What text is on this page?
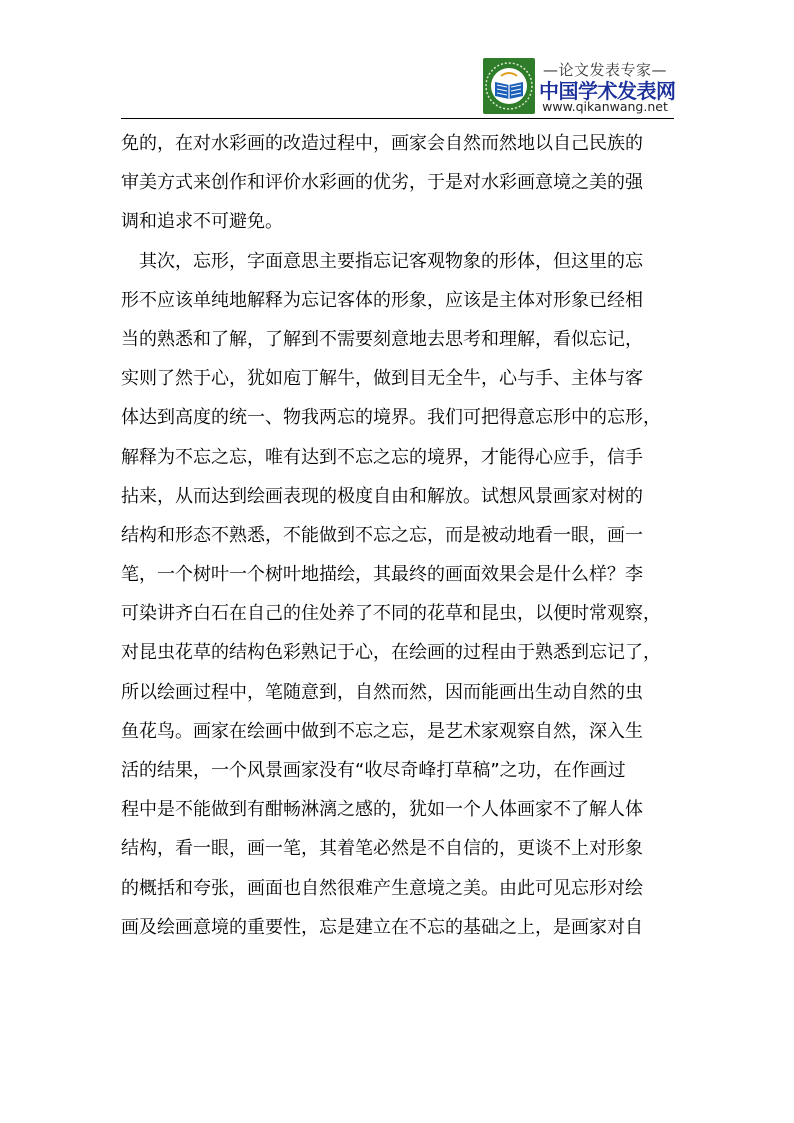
—论文发表专家—
中国学术发表网
www.qikanwang.net
免的，在对水彩画的改造过程中，画家会自然而然地以自己民族的
审美方式来创作和评价水彩画的优劣，于是对水彩画意境之美的强
调和追求不可避免。
其次，忘形，字面意思主要指忘记客观物象的形体，但这里的忘
形不应该单纯地解释为忘记客体的形象，应该是主体对形象已经相
当的熟悉和了解，了解到不需要刻意地去思考和理解，看似忘记，
实则了然于心，犹如庖丁解牛，做到目无全牛，心与手、主体与客
体达到高度的统一、物我两忘的境界。我们可把得意忘形中的忘形，
解释为不忘之忘，唯有达到不忘之忘的境界，才能得心应手，信手
拈来，从而达到绘画表现的极度自由和解放。试想风景画家对树的
结构和形态不熟悉，不能做到不忘之忘，而是被动地看一眼，画一
笔，一个树叶一个树叶地描绘，其最终的画面效果会是什么样？李
可染讲齐白石在自己的住处养了不同的花草和昆虫，以便时常观察，
对昆虫花草的结构色彩熟记于心，在绘画的过程由于熟悉到忘记了，
所以绘画过程中，笔随意到，自然而然，因而能画出生动自然的虫
鱼花鸟。画家在绘画中做到不忘之忘，是艺术家观察自然，深入生
活的结果，一个风景画家没有“收尽奇峰打草稿”之功，在作画过
程中是不能做到有酣畅淋漓之感的，犹如一个人体画家不了解人体
结构，看一眼，画一笔，其着笔必然是不自信的，更谈不上对形象
的概括和夸张，画面也自然很难产生意境之美。由此可见忘形对绘
画及绘画意境的重要性，忘是建立在不忘的基础之上，是画家对自
